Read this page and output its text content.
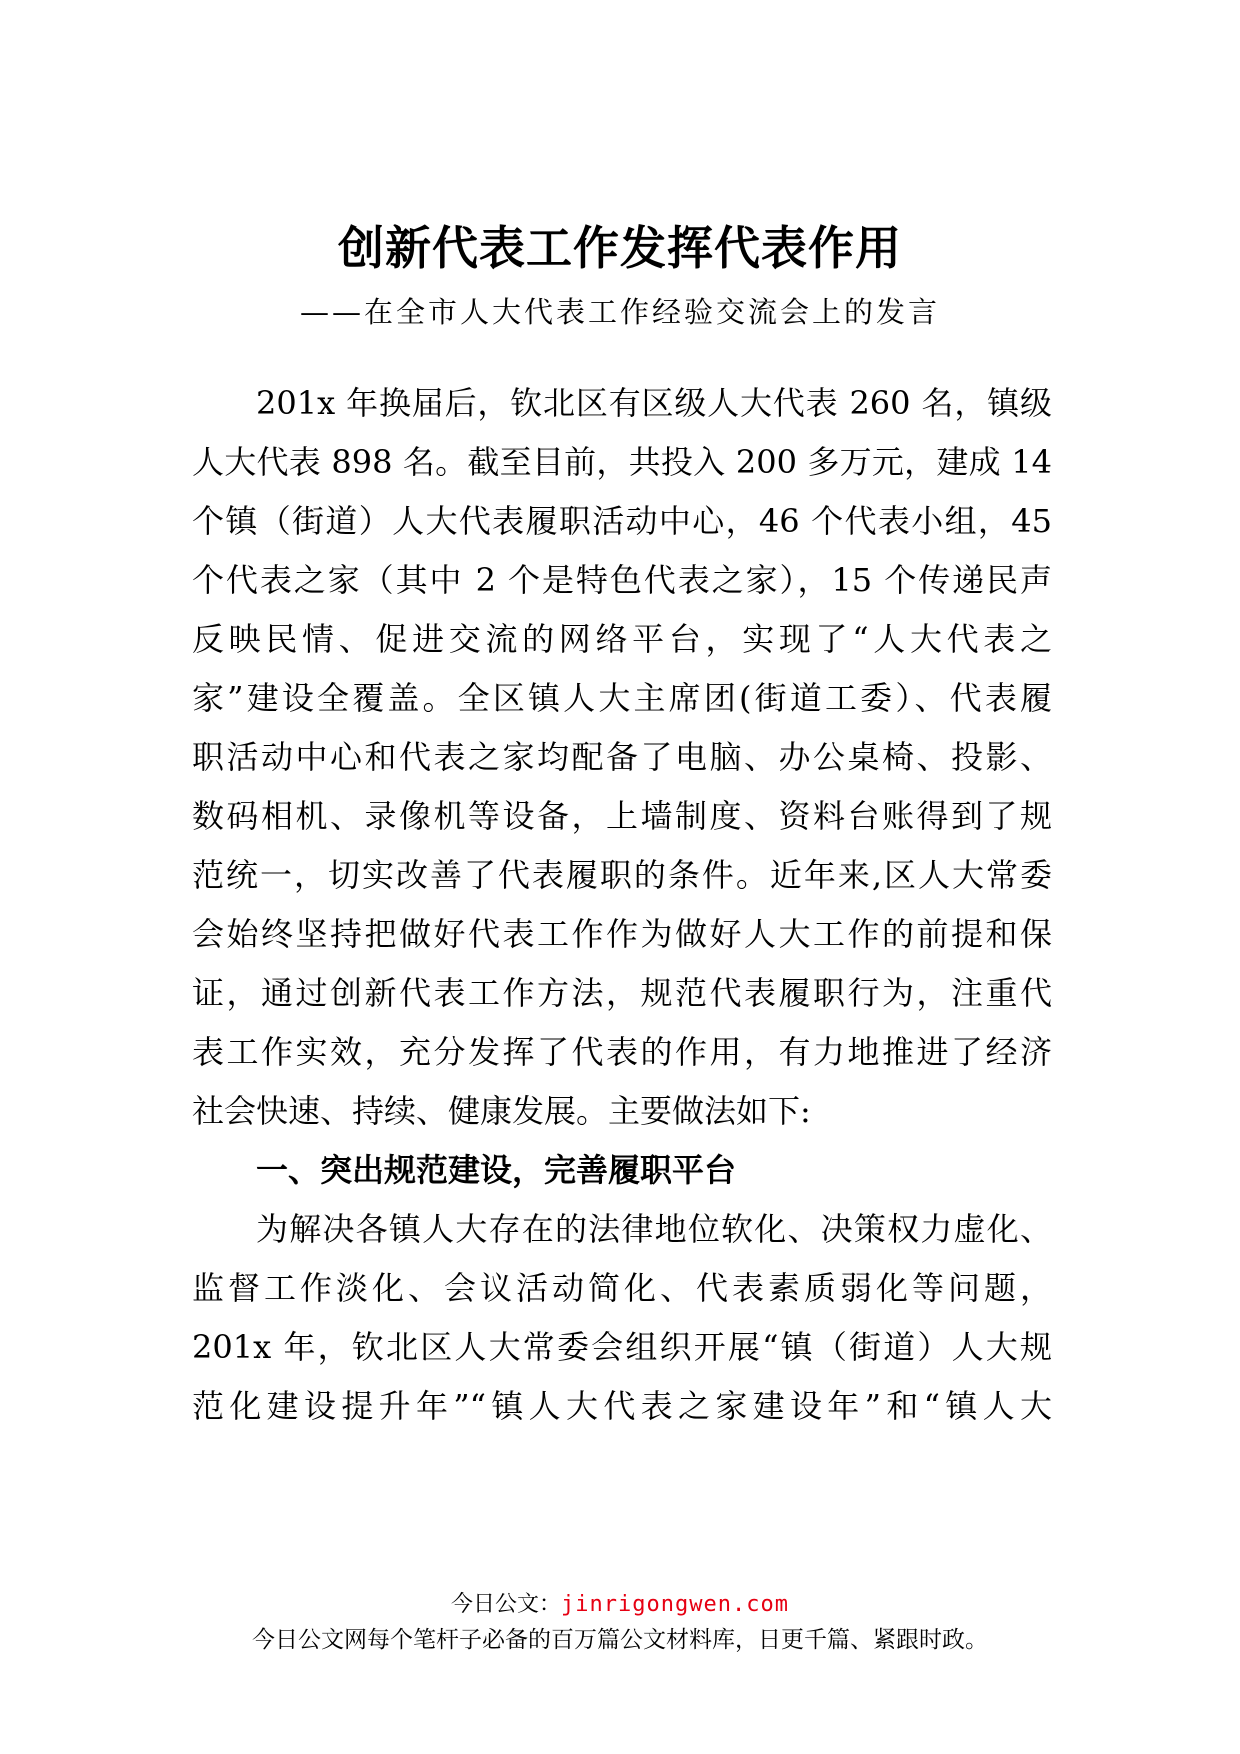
创新代表工作发挥代表作用
——在全市人大代表工作经验交流会上的发言
201x 年换届后，钦北区有区级人大代表 260 名，镇级
人大代表 898 名。截至目前，共投入 200 多万元，建成 14
个镇（街道）人大代表履职活动中心，46 个代表小组，45
个代表之家（其中 2 个是特色代表之家），15 个传递民声
反映民情、促进交流的网络平台，实现了“人大代表之
家”建设全覆盖。全区镇人大主席团(街道工委）、代表履
职活动中心和代表之家均配备了电脑、办公桌椅、投影、
数码相机、录像机等设备，上墙制度、资料台账得到了规
范统一，切实改善了代表履职的条件。近年来,区人大常委
会始终坚持把做好代表工作作为做好人大工作的前提和保
证，通过创新代表工作方法，规范代表履职行为，注重代
表工作实效，充分发挥了代表的作用，有力地推进了经济
社会快速、持续、健康发展。主要做法如下:
一、突出规范建设，完善履职平台
为解决各镇人大存在的法律地位软化、决策权力虚化、
监督工作淡化、会议活动简化、代表素质弱化等问题，
201x 年，钦北区人大常委会组织开展“镇（街道）人大规
范化建设提升年”“镇人大代表之家建设年”和“镇人大
今日公文：jinrigongwen.com
今日公文网每个笔杆子必备的百万篇公文材料库，日更千篇、紧跟时政。
